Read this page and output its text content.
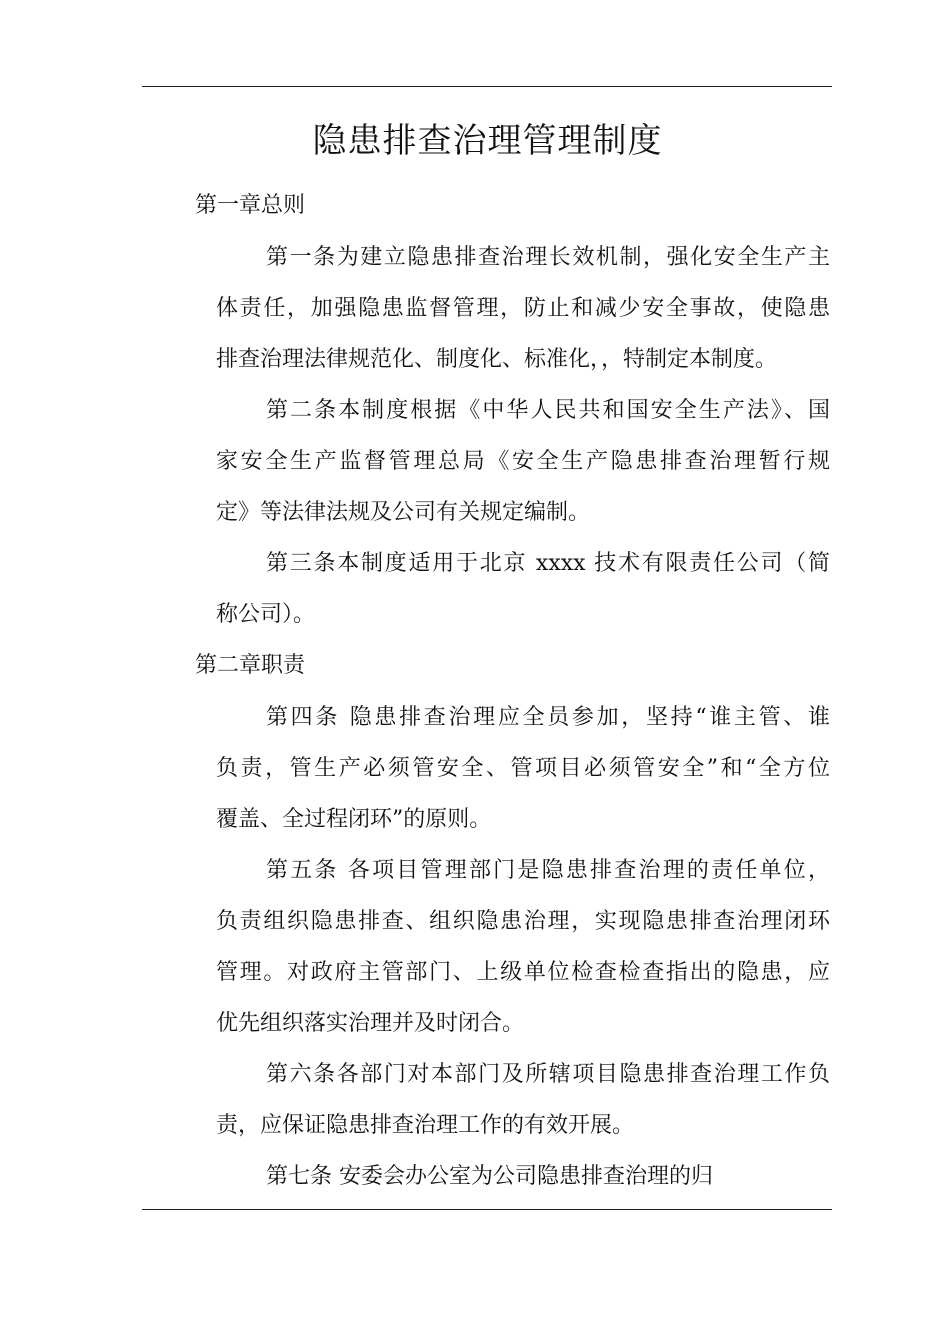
隐患排查治理管理制度
第一章总则
第一条为建立隐患排查治理长效机制，强化安全生产主
体责任，加强隐患监督管理，防止和减少安全事故，使隐患
排查治理法律规范化、制度化、标准化，，特制定本制度。
第二条本制度根据《中华人民共和国安全生产法》、国
家安全生产监督管理总局《安全生产隐患排查治理暂行规
定》等法律法规及公司有关规定编制。
第三条本制度适用于北京 xxxx 技术有限责任公司（简
称公司）。
第二章职责
第四条 隐患排查治理应全员参加，坚持“谁主管、谁
负责，管生产必须管安全、管项目必须管安全”和“全方位
覆盖、全过程闭环”的原则。
第五条 各项目管理部门是隐患排查治理的责任单位，
负责组织隐患排查、组织隐患治理，实现隐患排查治理闭环
管理。对政府主管部门、上级单位检查检查指出的隐患，应
优先组织落实治理并及时闭合。
第六条各部门对本部门及所辖项目隐患排查治理工作负
责，应保证隐患排查治理工作的有效开展。
第七条 安委会办公室为公司隐患排查治理的归
